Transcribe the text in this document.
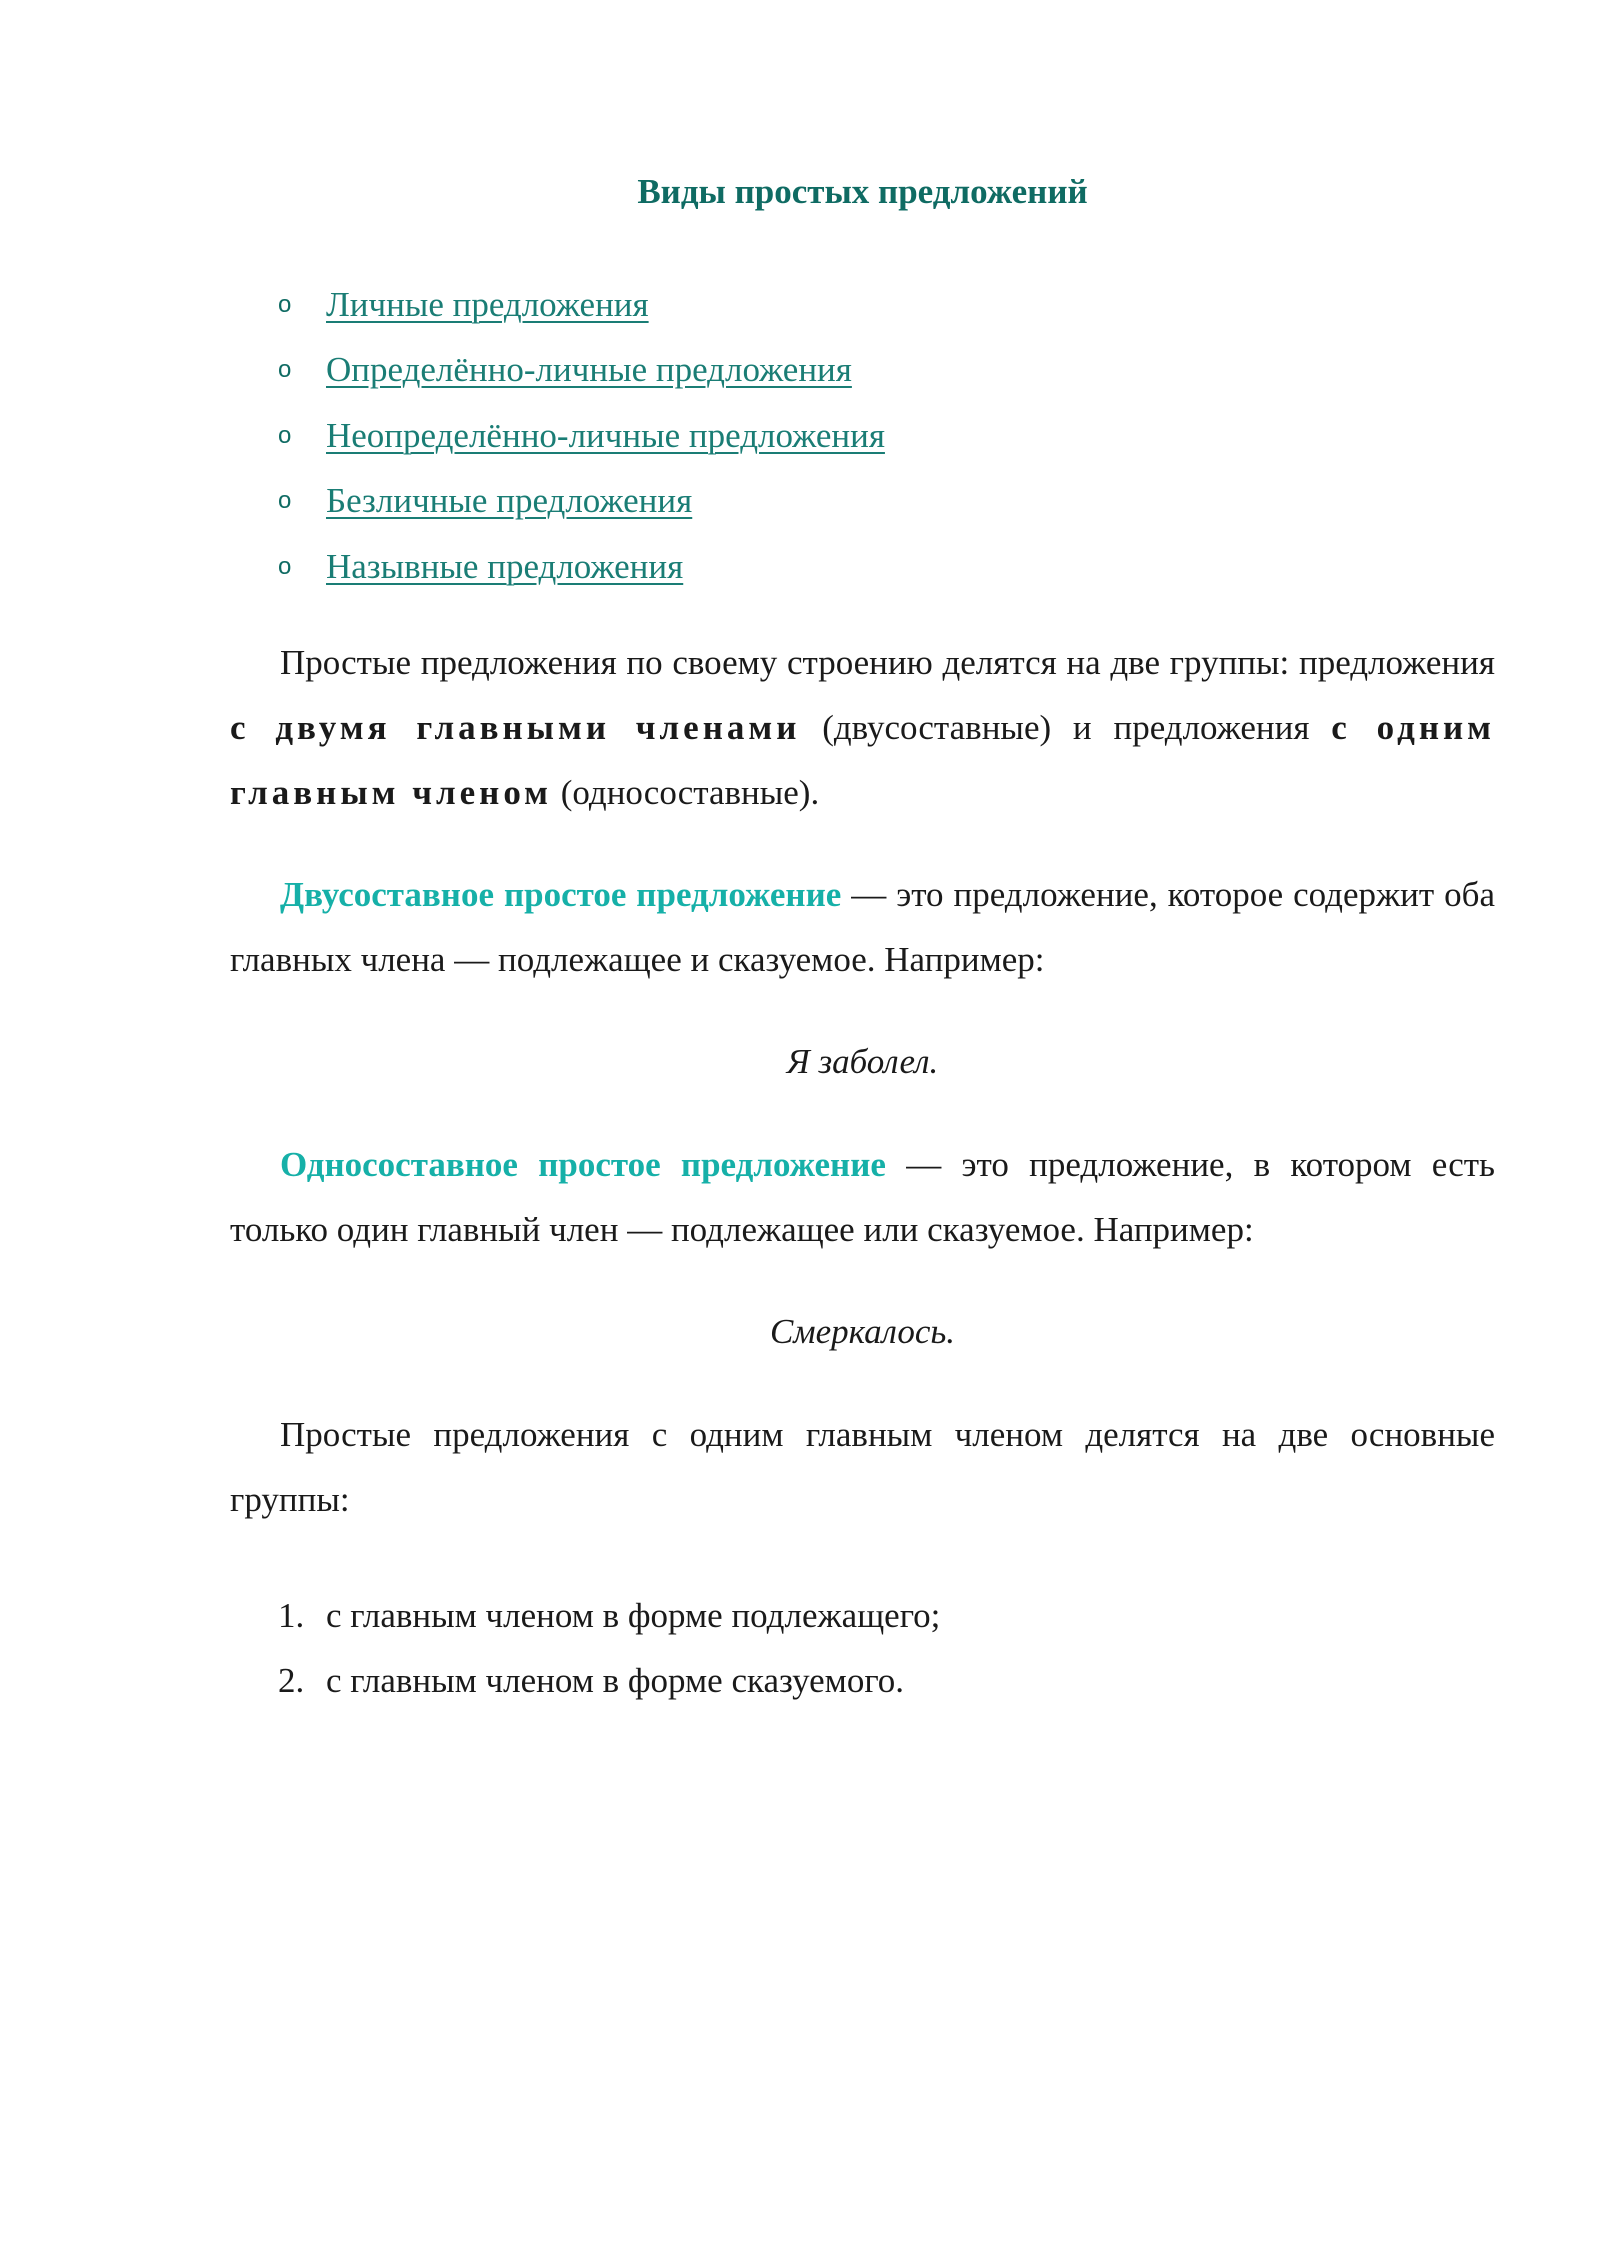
Виды простых предложений
o Личные предложения
o Определённо-личные предложения
o Неопределённо-личные предложения
o Безличные предложения
o Назывные предложения

Простые предложения по своему строению делятся на две группы: предложения с двумя главными членами (двусоставные) и предложения с одним главным членом (односоставные).

Двусоставное простое предложение — это предложение, которое содержит оба главных члена — подлежащее и сказуемое. Например:

Я заболел.

Односоставное простое предложение — это предложение, в котором есть только один главный член — подлежащее или сказуемое. Например:

Смеркалось.

Простые предложения с одним главным членом делятся на две основные группы:

1. с главным членом в форме подлежащего;
2. с главным членом в форме сказуемого.
